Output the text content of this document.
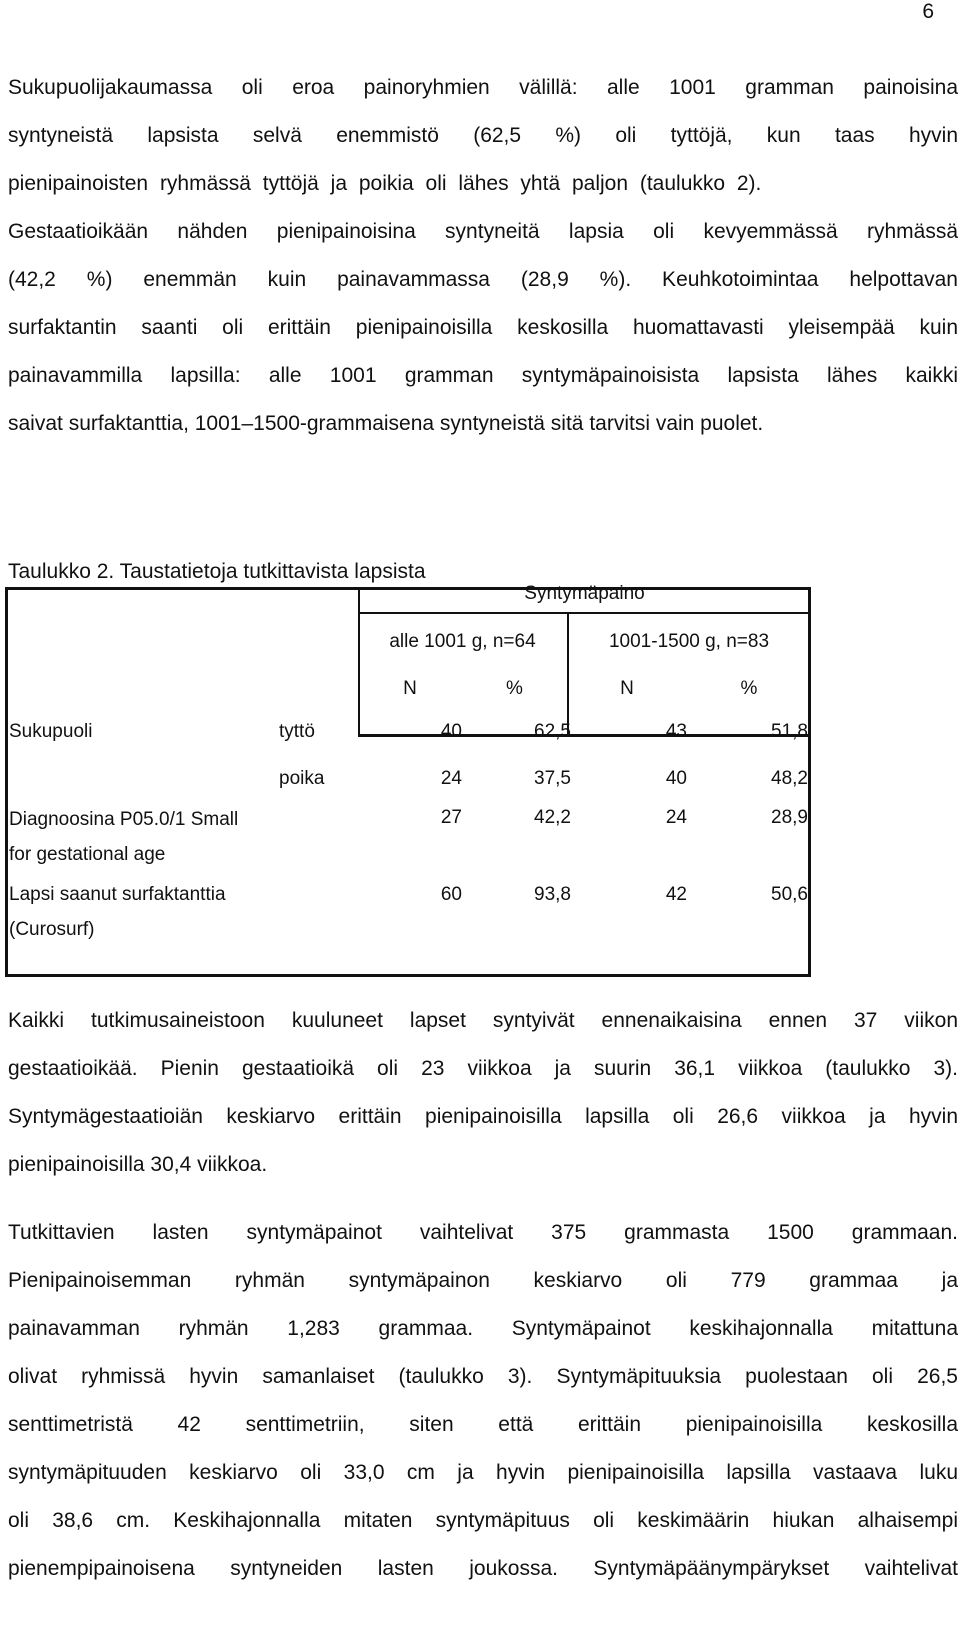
6
Sukupuolijakaumassa oli eroa painoryhmien välillä: alle 1001 gramman painoisina
syntyneistä lapsista selvä enemmistö (62,5 %) oli tyttöjä, kun taas hyvin
pienipainoisten ryhmässä tyttöjä ja poikia oli lähes yhtä paljon (taulukko 2).
Gestaatioikään nähden pienipainoisina syntyneitä lapsia oli kevyemmässä ryhmässä
(42,2 %) enemmän kuin painavammassa (28,9 %). Keuhkotoimintaa helpottavan
surfaktantin saanti oli erittäin pienipainoisilla keskosilla huomattavasti yleisempää kuin
painavammilla lapsilla: alle 1001 gramman syntymäpainoisista lapsista lähes kaikki
saivat surfaktanttia, 1001–1500-grammaisena syntyneistä sitä tarvitsi vain puolet.
Taulukko 2. Taustatietoja tutkittavista lapsista
Syntymäpaino
alle 1001 g, n=64	1001-1500 g, n=83
N	%	N	%
Sukupuoli	tyttö	40	62,5	43	51,8
poika	24	37,5	40	48,2
Diagnoosina P05.0/1 Small
for gestational age
27	42,2	24	28,9
Lapsi saanut surfaktanttia
(Curosurf)
60	93,8	42	50,6
Kaikki tutkimusaineistoon kuuluneet lapset syntyivät ennenaikaisina ennen 37 viikon
gestaatioikää. Pienin gestaatioikä oli 23 viikkoa ja suurin 36,1 viikkoa (taulukko 3).
Syntymägestaatioiän keskiarvo erittäin pienipainoisilla lapsilla oli 26,6 viikkoa ja hyvin
pienipainoisilla 30,4 viikkoa.
Tutkittavien lasten syntymäpainot vaihtelivat 375 grammasta 1500 grammaan.
Pienipainoisemman ryhmän syntymäpainon keskiarvo oli 779 grammaa ja
painavamman ryhmän 1,283 grammaa. Syntymäpainot keskihajonnalla mitattuna
olivat ryhmissä hyvin samanlaiset (taulukko 3). Syntymäpituuksia puolestaan oli 26,5
senttimetristä 42 senttimetriin, siten että erittäin pienipainoisilla keskosilla
syntymäpituuden keskiarvo oli 33,0 cm ja hyvin pienipainoisilla lapsilla vastaava luku
oli 38,6 cm. Keskihajonnalla mitaten syntymäpituus oli keskimäärin hiukan alhaisempi
pienempipainoisena syntyneiden lasten joukossa. Syntymäpäänympärykset vaihtelivat
